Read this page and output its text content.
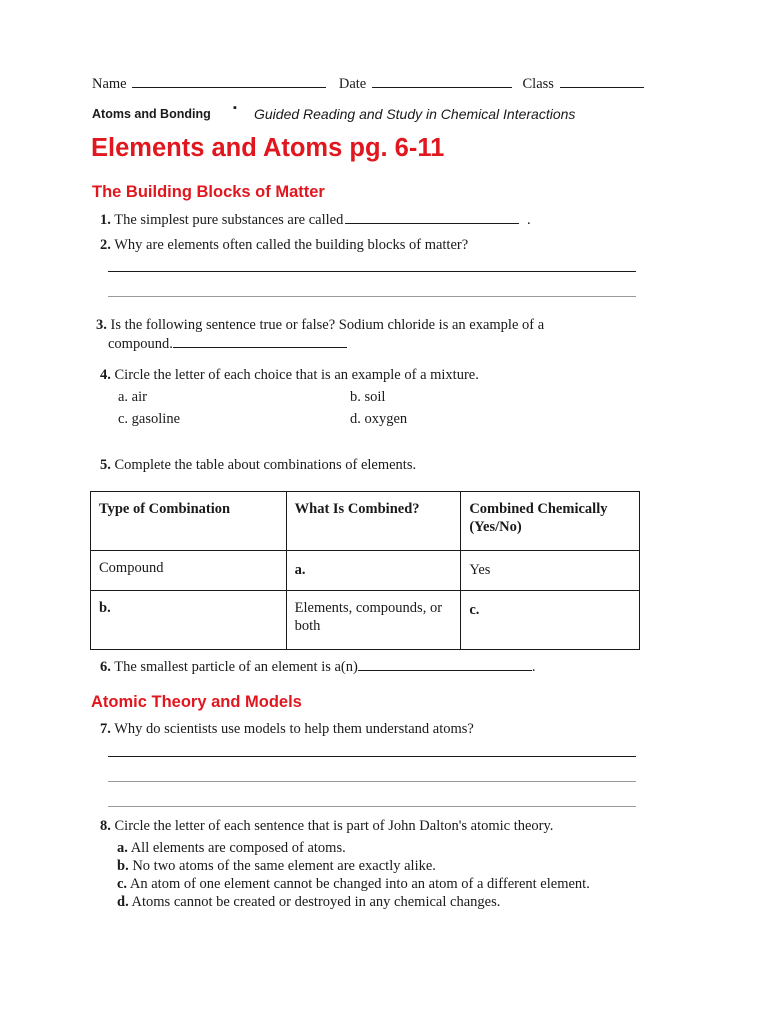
Name	Date	Class
Atoms and Bonding ▪ Guided Reading and Study in Chemical Interactions
Elements and Atoms pg. 6-11
The Building Blocks of Matter
1. The simplest pure substances are called	.
2. Why are elements often called the building blocks of matter?
3. Is the following sentence true or false? Sodium chloride is an example of a
compound.
4. Circle the letter of each choice that is an example of a mixture.
a. air	b. soil
c. gasoline	d. oxygen
5. Complete the table about combinations of elements.
Type of Combination	What Is Combined?	Combined Chemically (Yes/No)
Compound	a.	Yes
b.	Elements, compounds, or both	c.
6. The smallest particle of an element is a(n)	.
Atomic Theory and Models
7. Why do scientists use models to help them understand atoms?
8. Circle the letter of each sentence that is part of John Dalton's atomic theory.
a. All elements are composed of atoms.
b. No two atoms of the same element are exactly alike.
c. An atom of one element cannot be changed into an atom of a different element.
d. Atoms cannot be created or destroyed in any chemical changes.
